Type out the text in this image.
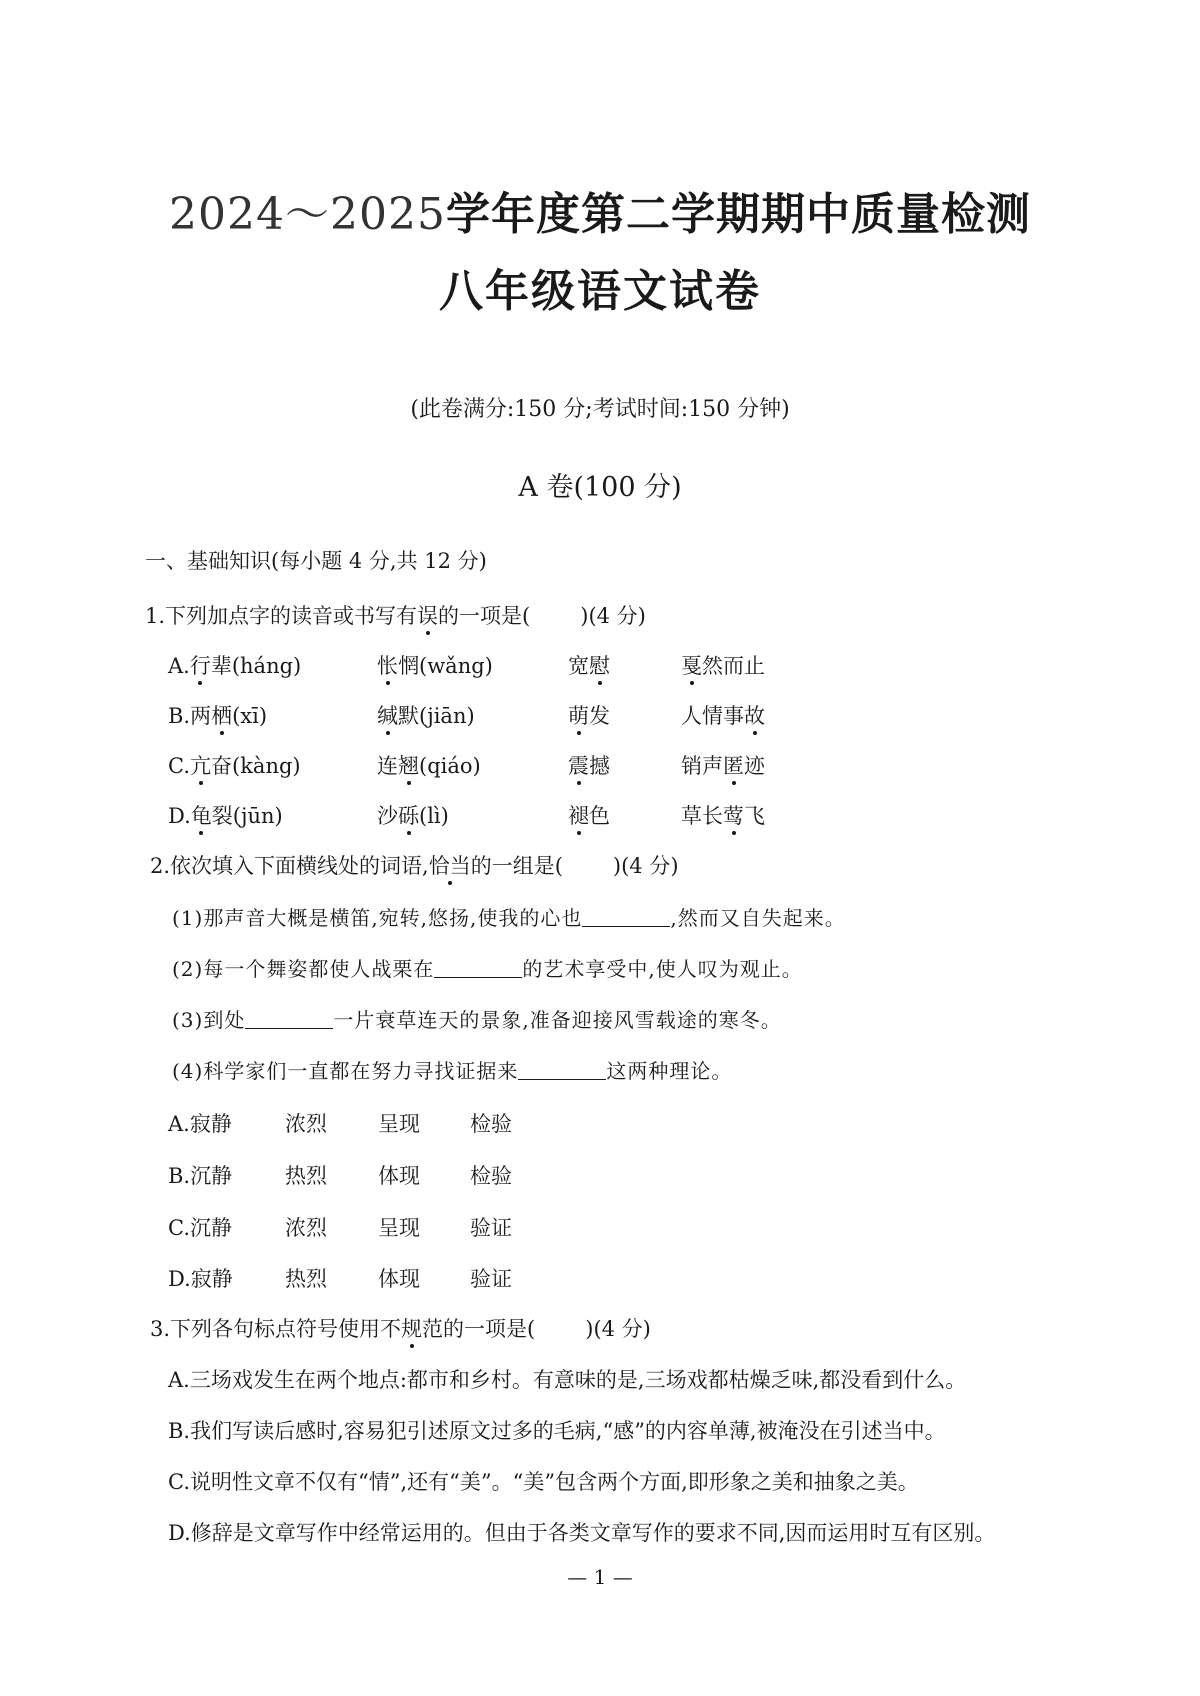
2024～2025学年度第二学期期中质量检测
八年级语文试卷
(此卷满分:150 分;考试时间:150 分钟)
A 卷(100 分)
一、基础知识(每小题 4 分,共 12 分)
1.下列加点字的读音或书写有误的一项是( )(4 分)
A.行辈(háng)	怅惘(wǎng)	宽慰	戛然而止
B.两栖(xī)	缄默(jiān)	萌发	人情事故
C.亢奋(kàng)	连翘(qiáo)	震撼	销声匿迹
D.龟裂(jūn)	沙砾(lì)	褪色	草长莺飞
2.依次填入下面横线处的词语,恰当的一组是( )(4 分)
(1)那声音大概是横笛,宛转,悠扬,使我的心也	,然而又自失起来。
(2)每一个舞姿都使人战栗在	的艺术享受中,使人叹为观止。
(3)到处	一片衰草连天的景象,准备迎接风雪载途的寒冬。
(4)科学家们一直都在努力寻找证据来	这两种理论。
A.寂静	浓烈 呈现 检验
B.沉静	热烈 体现 检验
C.沉静	浓烈 呈现 验证
D.寂静 热烈 体现 验证
3.下列各句标点符号使用不规范的一项是( )(4 分)
A.三场戏发生在两个地点:都市和乡村。有意味的是,三场戏都枯燥乏味,都没看到什么。
B.我们写读后感时,容易犯引述原文过多的毛病,“感”的内容单薄,被淹没在引述当中。
C.说明性文章不仅有“情”,还有“美”。“美”包含两个方面,即形象之美和抽象之美。
D.修辞是文章写作中经常运用的。但由于各类文章写作的要求不同,因而运用时互有区别。
— 1 —
